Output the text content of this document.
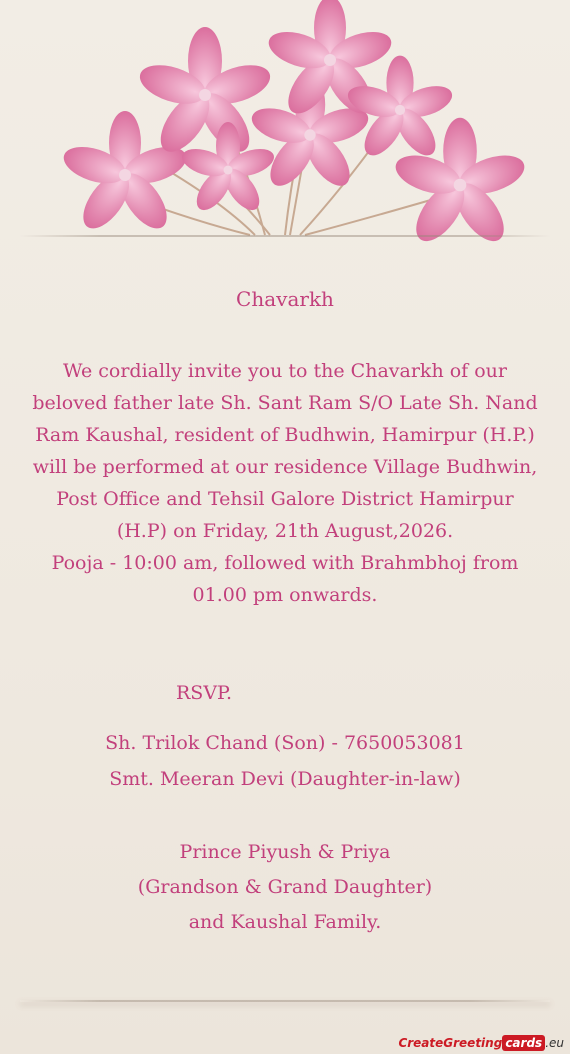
Chavarkh
We cordially invite you to the Chavarkh of our
beloved father late Sh. Sant Ram S/O Late Sh. Nand
Ram Kaushal, resident of Budhwin, Hamirpur (H.P.)
will be performed at our residence Village Budhwin,
Post Office and Tehsil Galore District Hamirpur
(H.P) on Friday, 21th August,2026.
Pooja - 10:00 am, followed with Brahmbhoj from
01.00 pm onwards.
RSVP.
Sh. Trilok Chand (Son) - 7650053081
Smt. Meeran Devi (Daughter-in-law)
Prince Piyush & Priya
(Grandson & Grand Daughter)
and Kaushal Family.
CreateGreeting cards .eu
